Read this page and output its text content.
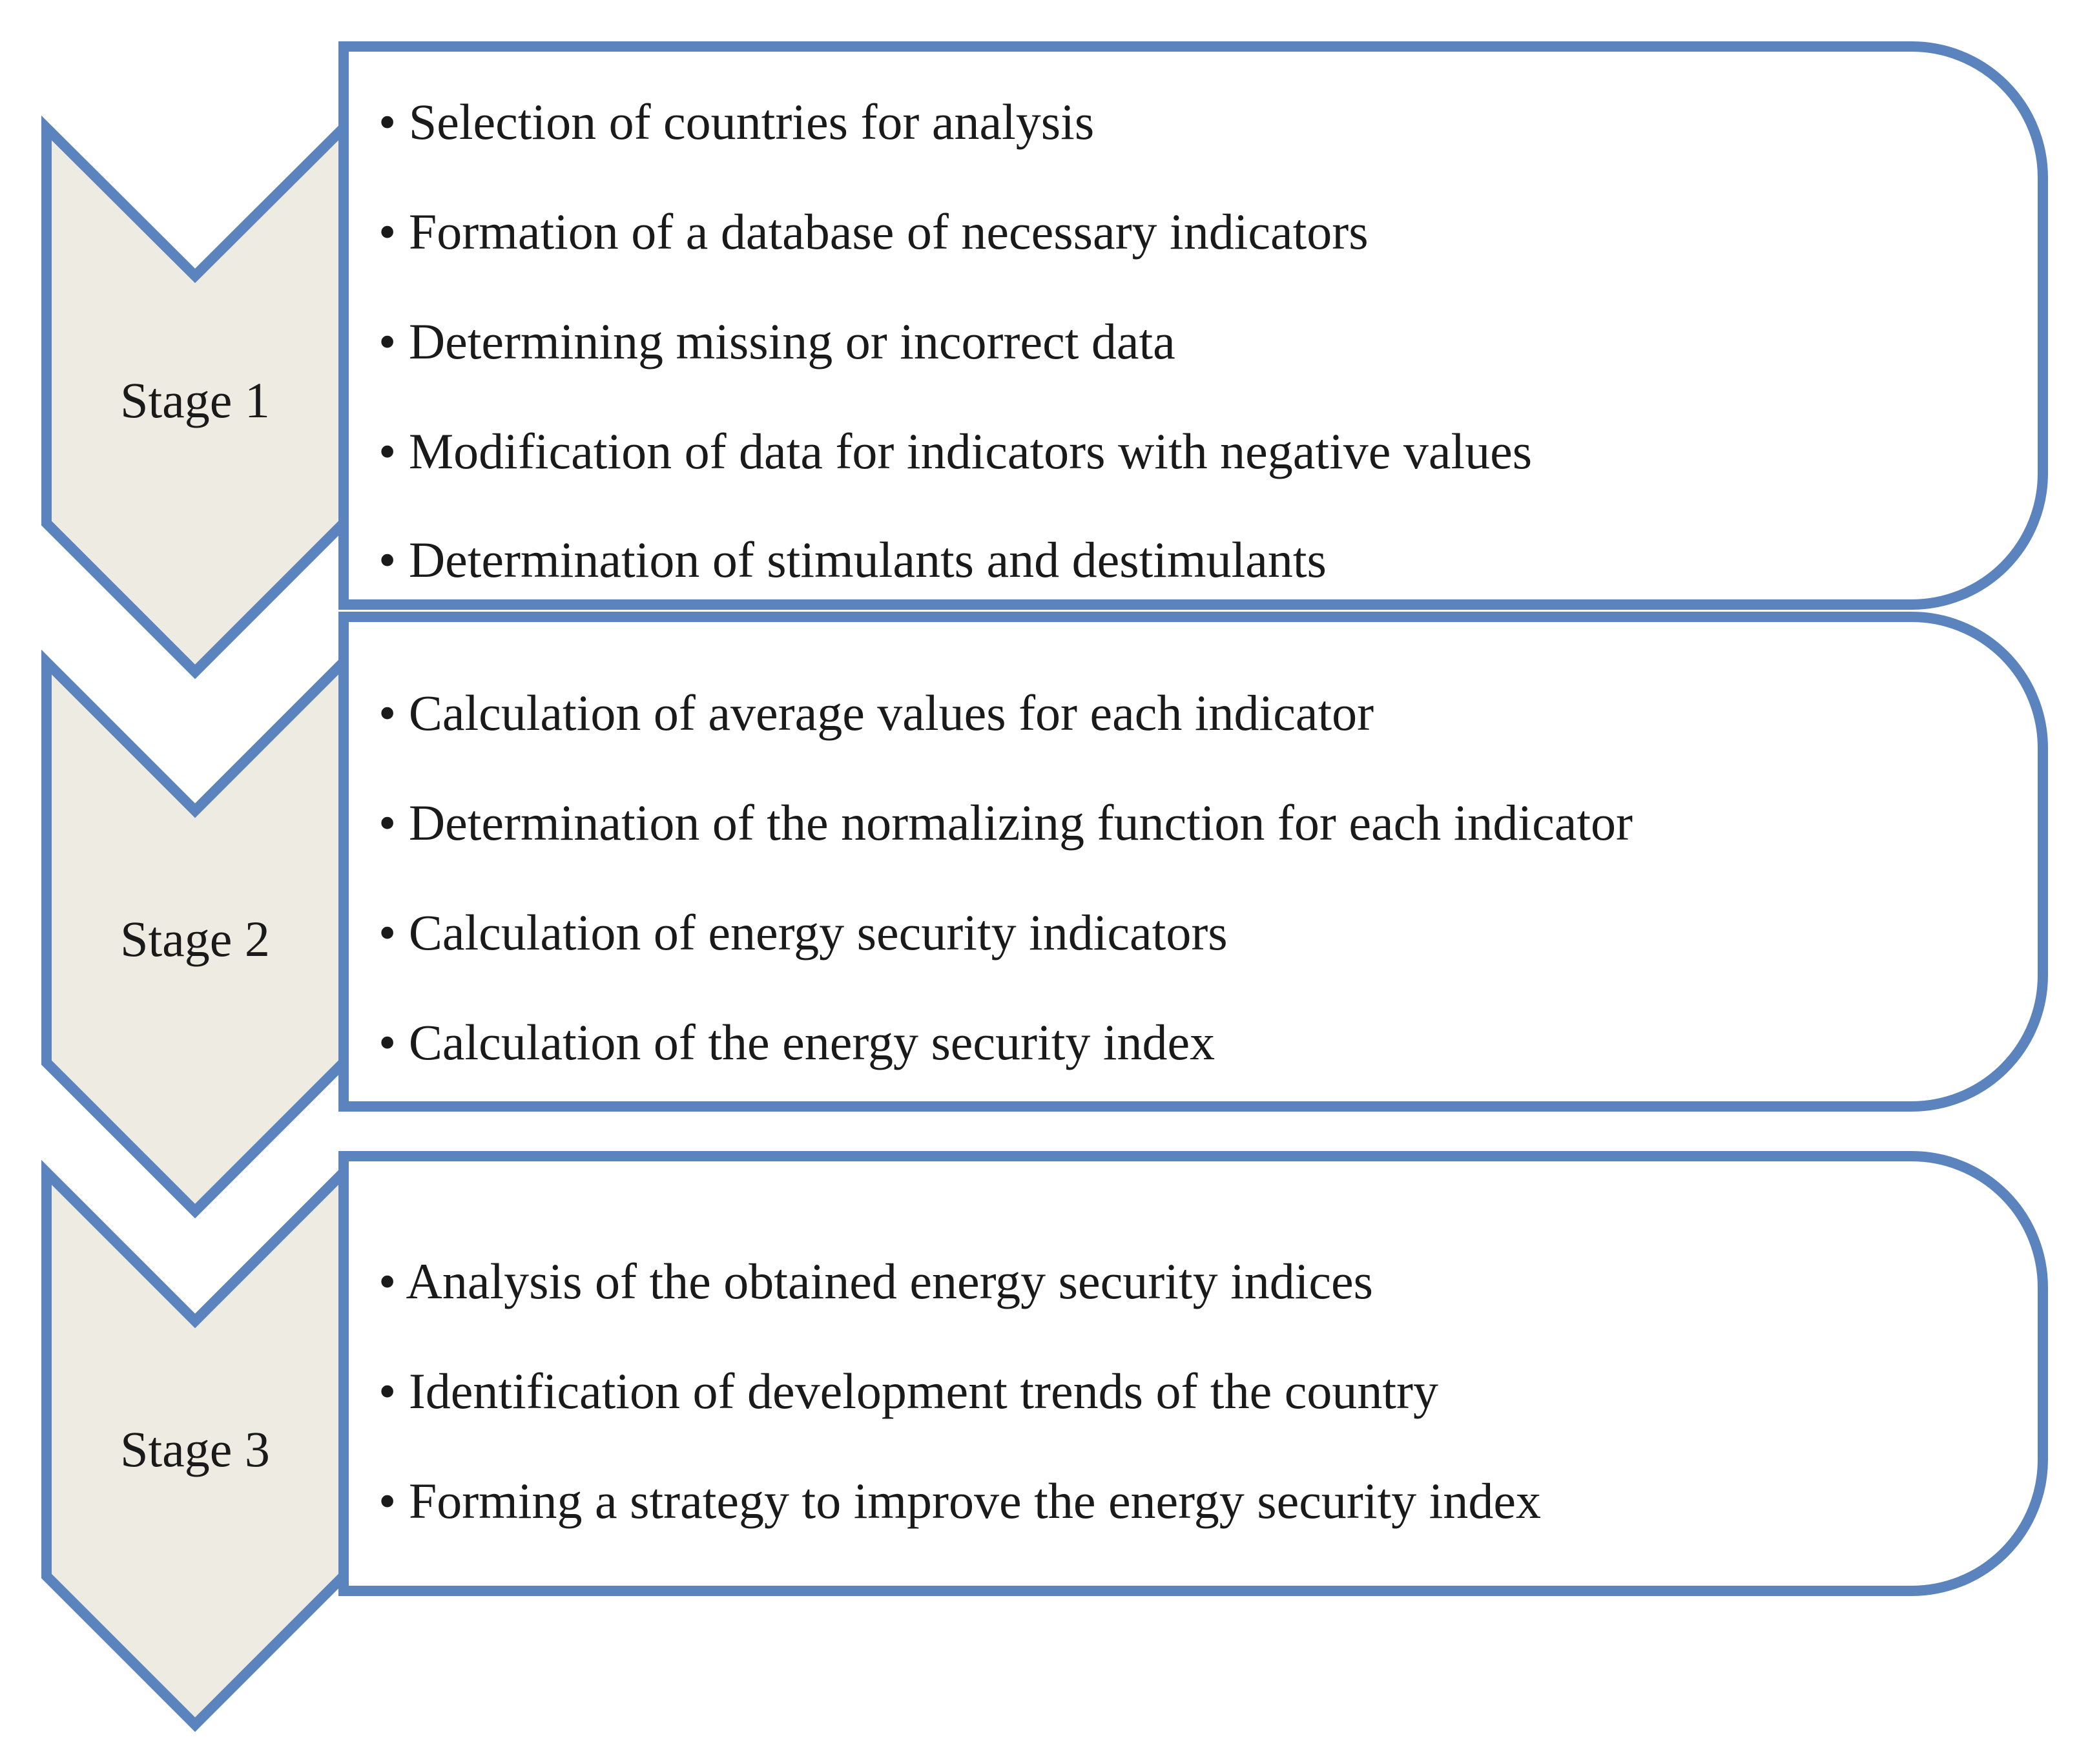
Stage 1
• Selection of countries for analysis
• Formation of a database of necessary indicators
• Determining missing or incorrect data
• Modification of data for indicators with negative values
• Determination of stimulants and destimulants
Stage 2
• Calculation of average values for each indicator
• Determination of the normalizing function for each indicator
• Calculation of energy security indicators
• Calculation of the energy security index
Stage 3
• Analysis of the obtained energy security indices
• Identification of development trends of the country
• Forming a strategy to improve the energy security index
